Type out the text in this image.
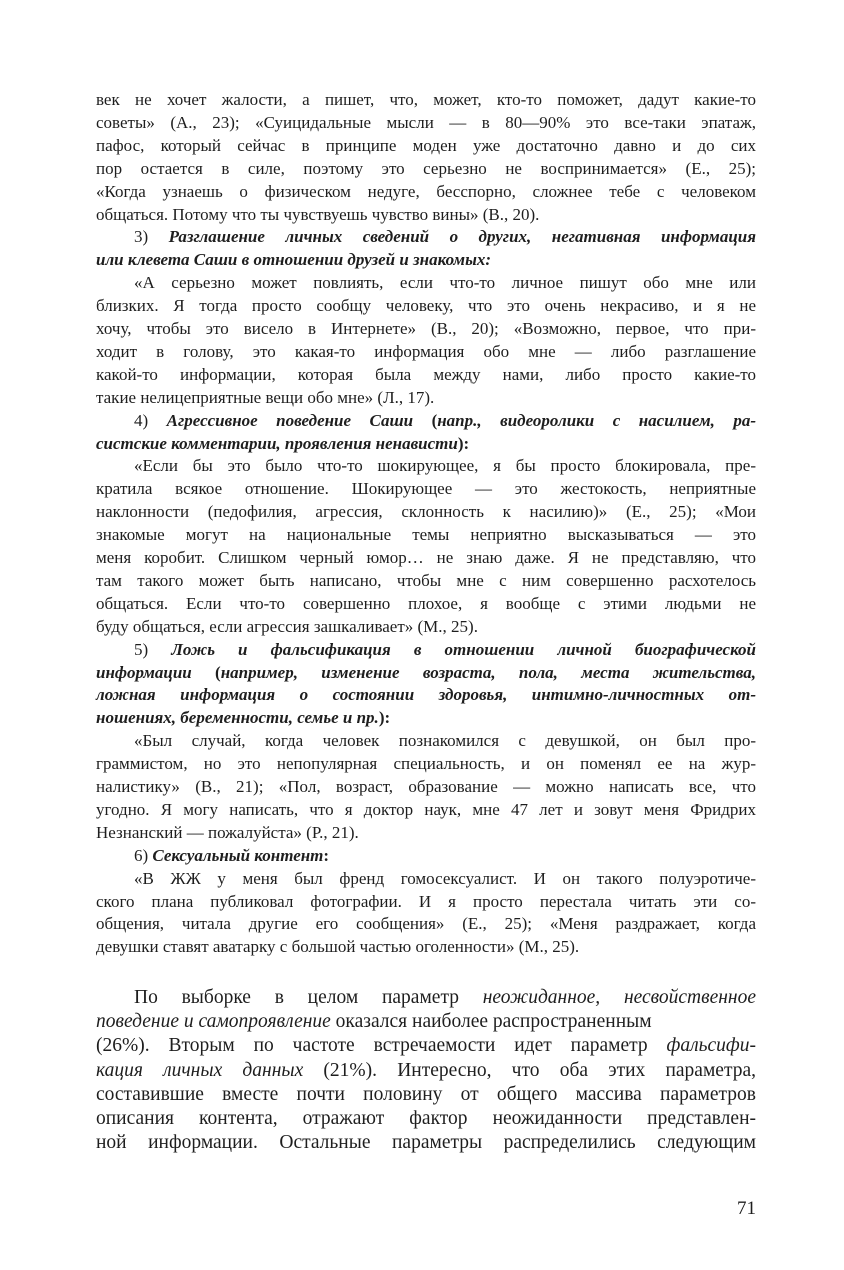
век не хочет жалости, а пишет, что, может, кто-то поможет, дадут какие-то
советы» (А., 23); «Суицидальные мысли — в 80—90% это все-таки эпатаж,
пафос, который сейчас в принципе моден уже достаточно давно и до сих
пор остается в силе, поэтому это серьезно не воспринимается» (Е., 25);
«Когда узнаешь о физическом недуге, бесспорно, сложнее тебе с человеком
общаться. Потому что ты чувствуешь чувство вины» (В., 20).
3) Разглашение личных сведений о других, негативная информация
или клевета Саши в отношении друзей и знакомых:
«А серьезно может повлиять, если что-то личное пишут обо мне или
близких. Я тогда просто сообщу человеку, что это очень некрасиво, и я не
хочу, чтобы это висело в Интернете» (В., 20); «Возможно, первое, что при-
ходит в голову, это какая-то информация обо мне — либо разглашение
какой-то информации, которая была между нами, либо просто какие-то
такие нелицеприятные вещи обо мне» (Л., 17).
4) Агрессивное поведение Саши (напр., видеоролики с насилием, ра-
систские комментарии, проявления ненависти):
«Если бы это было что-то шокирующее, я бы просто блокировала, пре-
кратила всякое отношение. Шокирующее — это жестокость, неприятные
наклонности (педофилия, агрессия, склонность к насилию)» (Е., 25); «Мои
знакомые могут на национальные темы неприятно высказываться — это
меня коробит. Слишком черный юмор… не знаю даже. Я не представляю, что
там такого может быть написано, чтобы мне с ним совершенно расхотелось
общаться. Если что-то совершенно плохое, я вообще с этими людьми не
буду общаться, если агрессия зашкаливает» (М., 25).
5) Ложь и фальсификация в отношении личной биографической
информации (например, изменение возраста, пола, места жительства,
ложная информация о состоянии здоровья, интимно-личностных от-
ношениях, беременности, семье и пр.):
«Был случай, когда человек познакомился с девушкой, он был про-
граммистом, но это непопулярная специальность, и он поменял ее на жур-
налистику» (В., 21); «Пол, возраст, образование — можно написать все, что
угодно. Я могу написать, что я доктор наук, мне 47 лет и зовут меня Фридрих
Незнанский — пожалуйста» (Р., 21).
6) Сексуальный контент:
«В ЖЖ у меня был френд гомосексуалист. И он такого полуэротиче-
ского плана публиковал фотографии. И я просто перестала читать эти со-
общения, читала другие его сообщения» (Е., 25); «Меня раздражает, когда
девушки ставят аватарку с большой частью оголенности» (М., 25).
По выборке в целом параметр неожиданное, несвойственное
поведение и самопроявление оказался наиболее распространенным
(26%). Вторым по частоте встречаемости идет параметр фальсифи-
кация личных данных (21%). Интересно, что оба этих параметра,
составившие вместе почти половину от общего массива параметров
описания контента, отражают фактор неожиданности представлен-
ной информации. Остальные параметры распределились следующим
71
